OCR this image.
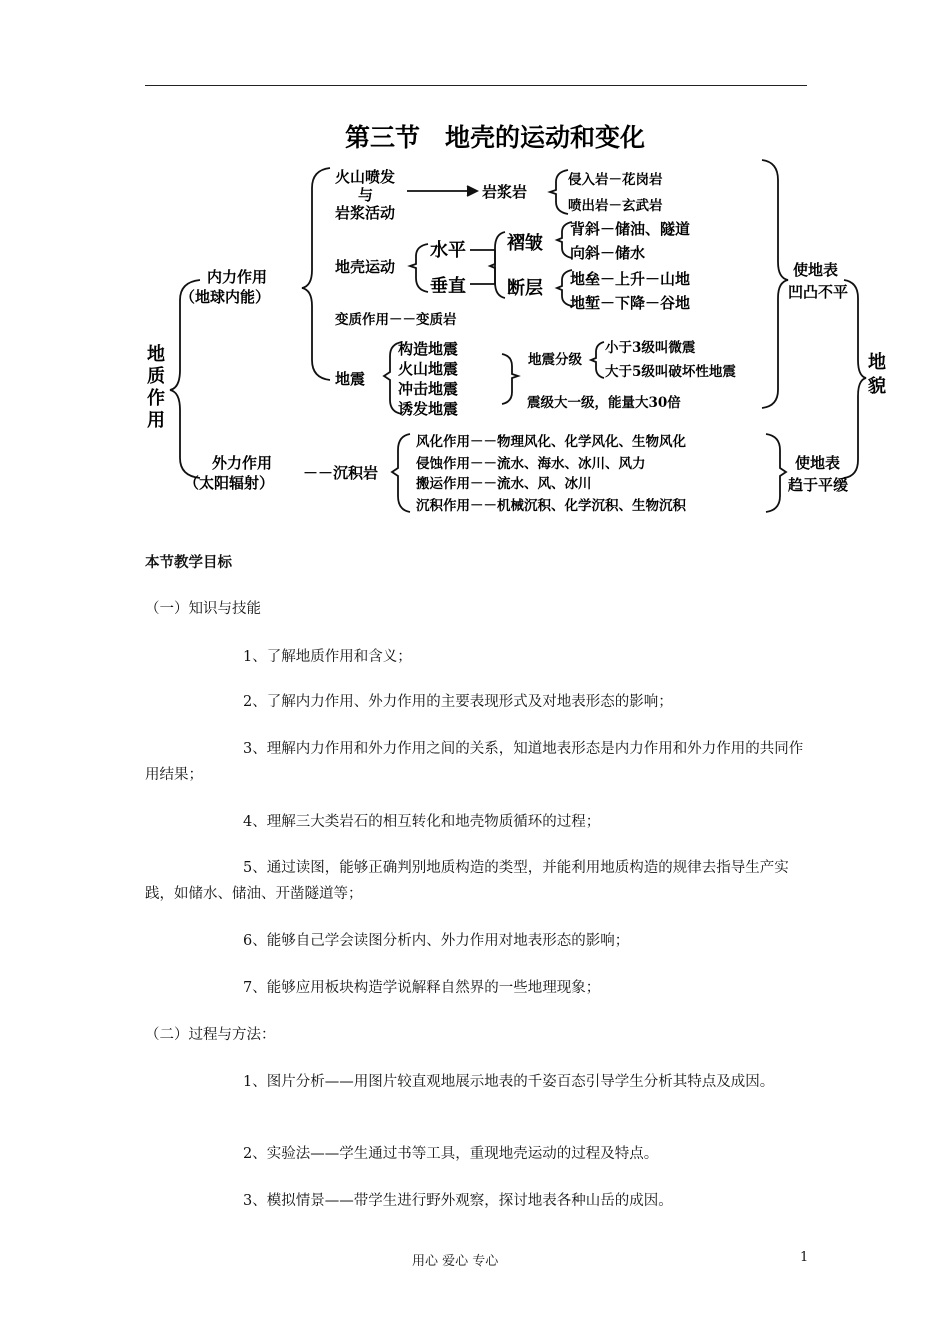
第三节　地壳的运动和变化
地
质
作
用
内力作用
（地球内能）
火山喷发
与
岩浆活动
岩浆岩
侵入岩－花岗岩
喷出岩－玄武岩
地壳运动
水平
垂直
褶皱
断层
背斜－储油、隧道
向斜－储水
地垒－上升－山地
地堑－下降－谷地
变质作用－－变质岩
地震
构造地震
火山地震
冲击地震
诱发地震
地震分级
小于3级叫微震
大于5级叫破坏性地震
震级大一级，能量大30倍
使地表
凹凸不平
地
貌
外力作用
（太阳辐射）
－－沉积岩
风化作用－－物理风化、化学风化、生物风化
侵蚀作用－－流水、海水、冰川、风力
搬运作用－－流水、风、冰川
沉积作用－－机械沉积、化学沉积、生物沉积
使地表
趋于平缓
本节教学目标
（一）知识与技能
1、了解地质作用和含义；
2、了解内力作用、外力作用的主要表现形式及对地表形态的影响；
3、理解内力作用和外力作用之间的关系，知道地表形态是内力作用和外力作用的共同作用结果；
4、理解三大类岩石的相互转化和地壳物质循环的过程；
5、通过读图，能够正确判别地质构造的类型，并能利用地质构造的规律去指导生产实践，如储水、储油、开凿隧道等；
6、能够自己学会读图分析内、外力作用对地表形态的影响；
7、能够应用板块构造学说解释自然界的一些地理现象；
（二）过程与方法：
1、图片分析——用图片较直观地展示地表的千姿百态引导学生分析其特点及成因。
2、实验法——学生通过书等工具，重现地壳运动的过程及特点。
3、模拟情景——带学生进行野外观察，探讨地表各种山岳的成因。
用心 爱心 专心	1
